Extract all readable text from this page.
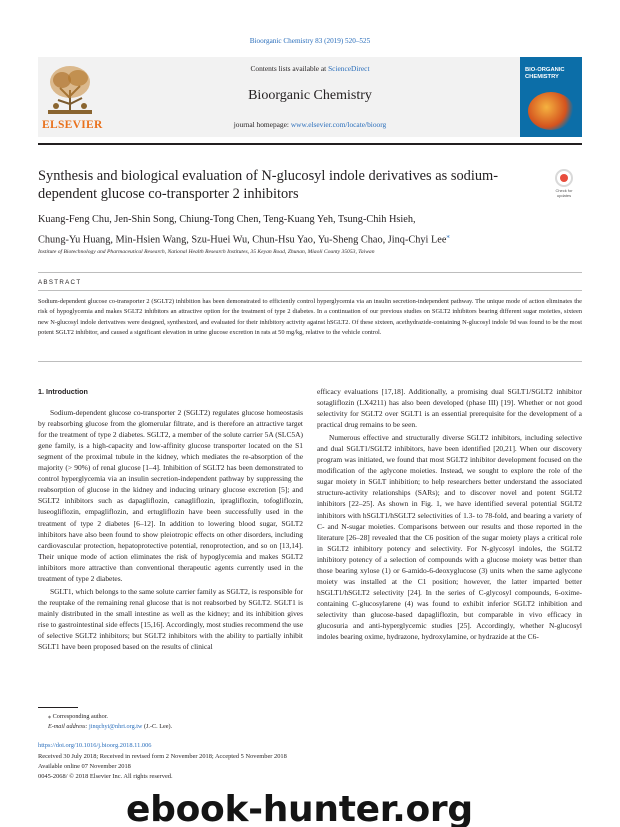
Bioorganic Chemistry 83 (2019) 520–525
ELSEVIER
Contents lists available at ScienceDirect
Bioorganic Chemistry
journal homepage: www.elsevier.com/locate/bioorg
BIO-ORGANIC CHEMISTRY
Synthesis and biological evaluation of N-glucosyl indole derivatives as sodium-dependent glucose co-transporter 2 inhibitors	Check for updates
Kuang-Feng Chu, Jen-Shin Song, Chiung-Tong Chen, Teng-Kuang Yeh, Tsung-Chih Hsieh,
Chung-Yu Huang, Min-Hsien Wang, Szu-Huei Wu, Chun-Hsu Yao, Yu-Sheng Chao, Jinq-Chyi Lee⁎
Institute of Biotechnology and Pharmaceutical Research, National Health Research Institutes, 35 Keyan Road, Zhunan, Miaoli County 35053, Taiwan
ABSTRACT
Sodium-dependent glucose co-transporter 2 (SGLT2) inhibition has been demonstrated to efficiently control hyperglycemia via an insulin secretion-independent pathway. The unique mode of action eliminates the risk of hypoglycemia and makes SGLT2 inhibitors an attractive option for the treatment of type 2 diabetes. In a continuation of our previous studies on SGLT2 inhibitors bearing different sugar moieties, sixteen new N-glucosyl indole derivatives were designed, synthesized, and evaluated for their inhibitory activity against hSGLT2. Of these sixteen, acethydrazide-containing N-glucosyl indole 9d was found to be the most potent SGLT2 inhibitor, and caused a significant elevation in urine glucose excretion in rats at 50 mg/kg, relative to the vehicle control.
1. Introduction

Sodium-dependent glucose co-transporter 2 (SGLT2) regulates glucose homeostasis by reabsorbing glucose from the glomerular filtrate, and is therefore an attractive target for the treatment of type 2 diabetes. SGLT2, a member of the solute carrier 5A (SLC5A) gene family, is a high-capacity and low-affinity glucose transporter located on the S1 segment of the proximal tubule in the kidney, which mediates the re-absorption of the majority (> 90%) of renal glucose [1–4]. Inhibition of SGLT2 has been demonstrated to control hyperglycemia via an insulin secretion-independent pathway by suppressing the reabsorption of glucose in the kidney and inducing urinary glucose excretion [5]; and SGLT2 inhibitors such as dapagliflozin, canagliflozin, ipragliflozin, tofogliflozin, luseogliflozin, empagliflozin, and ertugliflozin have been successfully used in the treatment of type 2 diabetes [6–12]. In addition to lowering blood sugar, SGLT2 inhibitors have also been found to show pleiotropic effects on other disorders, including cardiovascular protection, hepatoprotective potential, renoprotection, and so on [13,14]. Their unique mode of action eliminates the risk of hypoglycemia and makes SGLT2 inhibitors more attractive than conventional therapeutic agents currently used in the treatment of type 2 diabetes.

SGLT1, which belongs to the same solute carrier family as SGLT2, is responsible for the reuptake of the remaining renal glucose that is not reabsorbed by SGLT2. SGLT1 is mainly distributed in the small intestine as well as the kidney; and its inhibition gives rise to gastrointestinal side effects [15,16]. Accordingly, most studies recommend the use of selective SGLT2 inhibitors; but SGLT2 inhibitors with the ability to partially inhibit SGLT1 have been proposed based on the results of clinical

efficacy evaluations [17,18]. Additionally, a promising dual SGLT1/SGLT2 inhibitor sotagliflozin (LX4211) has also been developed (phase III) [19]. Whether or not good selectivity for SGLT2 over SGLT1 is an essential prerequisite for the development of a practical drug remains to be seen.

Numerous effective and structurally diverse SGLT2 inhibitors, including selective and dual SGLT1/SGLT2 inhibitors, have been identified [20,21]. When our discovery program was initiated, we found that most SGLT2 inhibitor development focused on the modification of the aglycone moieties. Instead, we sought to explore the role of the sugar moiety in SGLT inhibition; to help researchers better understand the associated structure-activity relationships (SARs); and to discover novel and potent SGLT2 inhibitors [22–25]. As shown in Fig. 1, we have identified several potential SGLT2 inhibitors with hSGLT1/hSGLT2 selectivities of 1.3- to 78-fold, and bearing a variety of C- and N-sugar moieties. Comparisons between our results and those reported in the literature [26–28] revealed that the C6 position of the sugar moiety plays a critical role in SGLT2 inhibitory potency and selectivity. For N-glycosyl indoles, the SGLT2 inhibitory potency of a selection of compounds with a glucose moiety was better than those bearing xylose (1) or 6-amido-6-deoxyglucose (3) units when the same aglycone moiety was installed at the C1 position; however, the latter imparted better hSGLT1/hSGLT2 selectivity [24]. In the series of C-glycosyl compounds, 6-oxime-containing C-glucosylarene (4) was found to exhibit inferior SGLT2 inhibition and selectivity than glucose-based dapagliflozin, but comparable in vivo efficacy in glucosuria and anti-hyperglycemic studies [25]. Accordingly, whether N-glucosyl indoles bearing oxime, hydrazone, hydroxylamine, or hydrazide at the C6-

⁎ Corresponding author.
E-mail address: jinqchyi@nhri.org.tw (J.-C. Lee).
https://doi.org/10.1016/j.bioorg.2018.11.006
Received 30 July 2018; Received in revised form 2 November 2018; Accepted 5 November 2018
Available online 07 November 2018
0045-2068/ © 2018 Elsevier Inc. All rights reserved.
ebook-hunter.org
